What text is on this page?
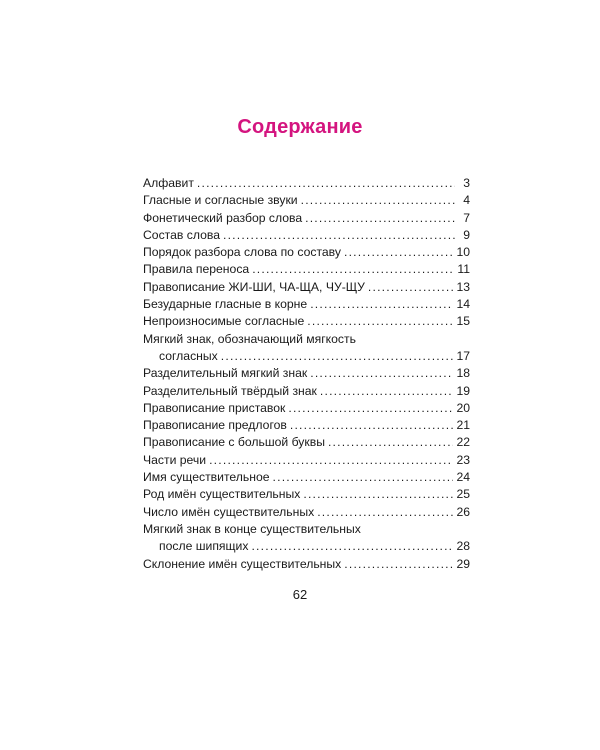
Содержание
Алфавит .....	3
Гласные и согласные звуки .....	4
Фонетический разбор слова .....	7
Состав слова .....	9
Порядок разбора слова по составу .....	10
Правила переноса .....	11
Правописание ЖИ-ШИ, ЧА-ЩА, ЧУ-ЩУ .....	13
Безударные гласные в корне .....	14
Непроизносимые согласные .....	15
Мягкий знак, обозначающий мягкость
согласных .....	17
Разделительный мягкий знак .....	18
Разделительный твёрдый знак .....	19
Правописание приставок .....	20
Правописание предлогов .....	21
Правописание с большой буквы .....	22
Части речи .....	23
Имя существительное .....	24
Род имён существительных .....	25
Число имён существительных .....	26
Мягкий знак в конце существительных
после шипящих .....	28
Склонение имён существительных .....	29
62
